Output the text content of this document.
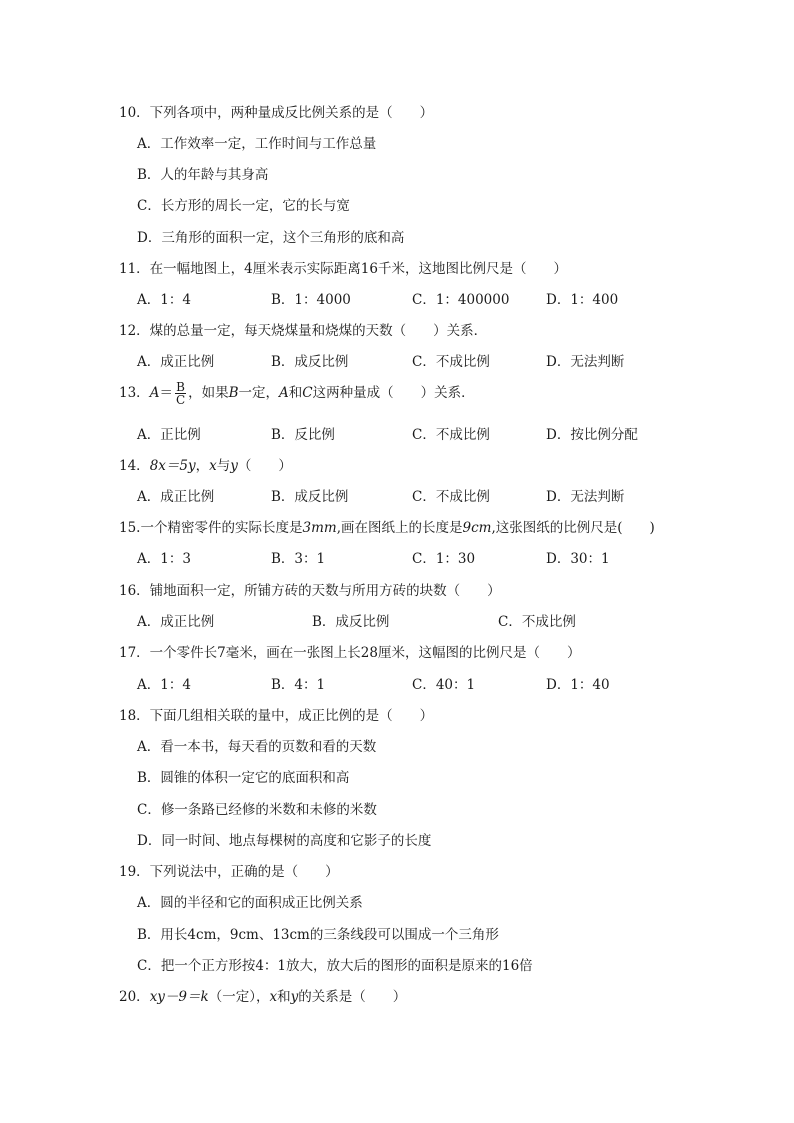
10．下列各项中，两种量成反比例关系的是（　　）
A．工作效率一定，工作时间与工作总量
B．人的年龄与其身高
C．长方形的周长一定，它的长与宽
D．三角形的面积一定，这个三角形的底和高
11．在一幅地图上，4厘米表示实际距离16千米，这地图比例尺是（　　）
A．1：4	B．1：4000	C．1：400000	D．1：400
12．煤的总量一定，每天烧煤量和烧煤的天数（　　）关系．
A．成正比例	B．成反比例	C．不成比例	D．无法判断
13．$A= \frac{B}{C}$ ，如果B一定，A和C这两种量成（　　）关系．
A．正比例	B．反比例	C．不成比例	D．按比例分配
14．8x＝5y，x与y（　　）
A．成正比例	B．成反比例	C．不成比例	D．无法判断
15.一个精密零件的实际长度是3mm,画在图纸上的长度是9cm,这张图纸的比例尺是(　　)
A．1：3	B．3：1	C．1：30	D．30：1
16．铺地面积一定，所铺方砖的天数与所用方砖的块数（　　）
A．成正比例	B．成反比例	C．不成比例
17．一个零件长7毫米，画在一张图上长28厘米，这幅图的比例尺是（　　）
A．1：4	B．4：1	C．40：1	D．1：40
18．下面几组相关联的量中，成正比例的是（　　）
A．看一本书，每天看的页数和看的天数
B．圆锥的体积一定它的底面积和高
C．修一条路已经修的米数和未修的米数
D．同一时间、地点每棵树的高度和它影子的长度
19．下列说法中，正确的是（　　）
A．圆的半径和它的面积成正比例关系
B．用长4cm，9cm、13cm的三条线段可以围成一个三角形
C．把一个正方形按4：1放大，放大后的图形的面积是原来的16倍
20．xy－9＝k（一定），x和y的关系是（　　）
